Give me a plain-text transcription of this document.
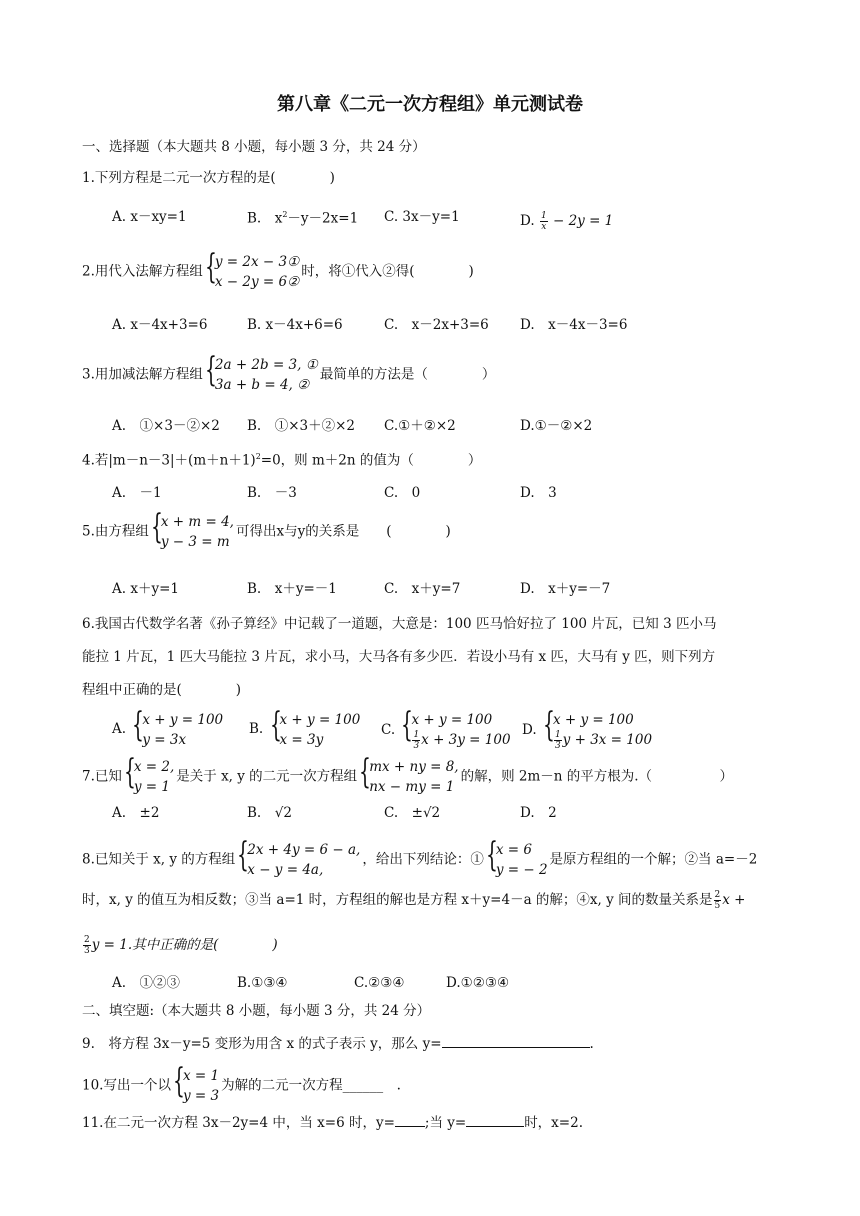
第八章《二元一次方程组》单元测试卷
一、选择题（本大题共 8 小题，每小题 3 分，共 24 分）
1.下列方程是二元一次方程的是(　　　　)
A. x－xy=1	B.　$x^2-y-2x=1$ C. 3x－y=1	D. $\frac{1}{x} - 2y = 1$
2.用代入法解方程组 {
y = 2x − 3①
x − 2y = 6②
时，将①代入②得(　　　　)
A. x－4x+3=6	B. x－4x+6=6	C.　x－2x+3=6 D.　x－4x－3=6
3.用加减法解方程组 {
2a + 2b = 3, ①
3a + b = 4, ②
最简单的方法是（　　　　）
A.　①×3－②×2 B.　①×3＋②×2 C.①＋②×2	D.①－②×2
4.若$|m-n-3|+(m+n+1)^2=0$，则 m＋2n 的值为（　　　　）
A.　－1	B.　－3	C.　0	D.　3
5.由方程组 {
x + m = 4,
y − 3 = m
可得出x与y的关系是　　(　　　　)
A. x＋y=1	B.　x＋y=－1	C.　x＋y=7	D.　x＋y=－7
6.我国古代数学名著《孙子算经》中记载了一道题，大意是：100 匹马恰好拉了 100 片瓦，已知 3 匹小马
能拉 1 片瓦，1 匹大马能拉 3 片瓦，求小马，大马各有多少匹．若设小马有 x 匹，大马有 y 匹，则下列方
程组中正确的是(　　　　)
A. {
x + y = 100
y = 3x
B. {
x + y = 100
x = 3y
C. {
x + y = 100
$\frac{1}{3}$ x + 3y = 100
D. {
x + y = 100
$\frac{1}{3}$ y + 3x = 100
7.已知 {
x = 2,
y = 1
是关于 x, y 的二元一次方程组 {
mx + ny = 8,
nx − my = 1
的解，则 2m－n 的平方根为.（　　　　　）
A.　±2	B.　√2	C.　±√2	D.　2
8.已知关于 x, y 的方程组 {
2x + 4y = 6 − a,
x − y = 4a,
，给出下列结论：① {
x = 6
y = − 2
是原方程组的一个解；②当 a=－2
时，x, y 的值互为相反数；③当 a=1 时，方程组的解也是方程 x＋y=4－a 的解；④x, y 间的数量关系是 $\frac{2}{5}$ x +
$\frac{2}{3}$ y = 1.其中正确的是(　　　　)
A.　①②③	B.①③④	C.②③④	D.①②③④
二、填空题:（本大题共 8 小题，每小题 3 分，共 24 分）
9.　将方程 3x－y=5 变形为用含 x 的式子表示 y，那么 y=	.
10.写出一个以 {
x = 1
y = 3
为解的二元一次方程______　.
11.在二元一次方程 3x－2y=4 中，当 x=6 时，y= ;当 y=	时，x=2.
